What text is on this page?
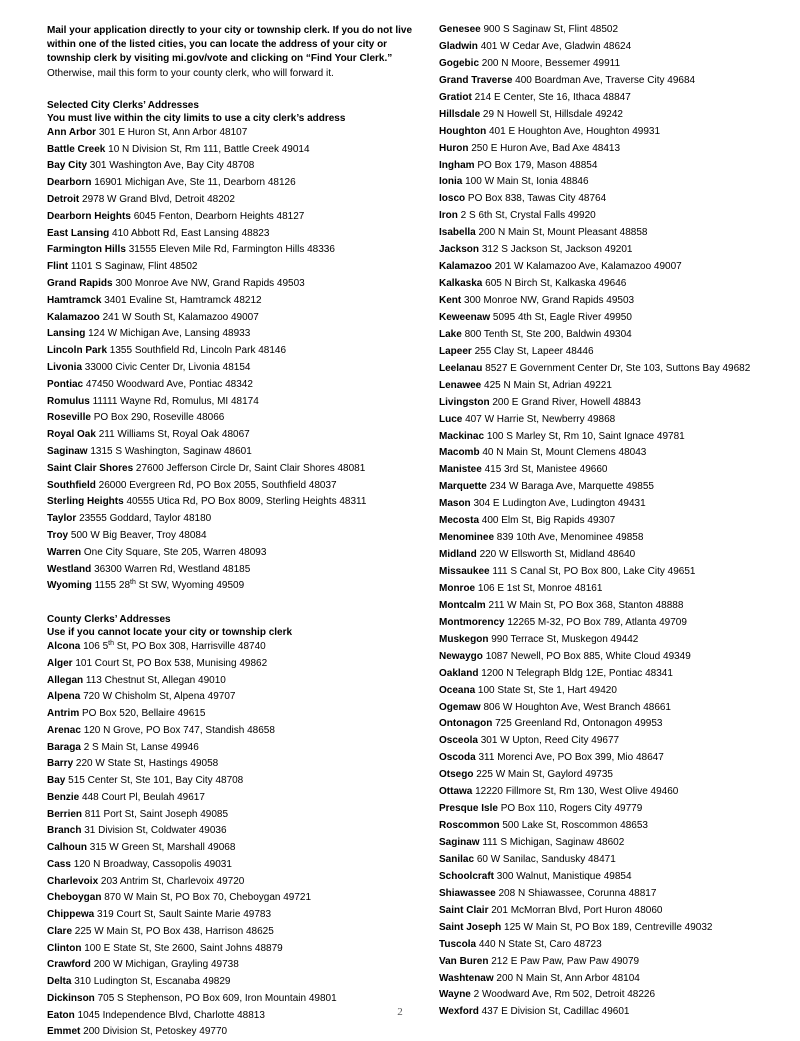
Mail your application directly to your city or township clerk. If you do not live within one of the listed cities, you can locate the address of your city or township clerk by visiting mi.gov/vote and clicking on “Find Your Clerk.”
Otherwise, mail this form to your county clerk, who will forward it.

Selected City Clerks’ Addresses

You must live within the city limits to use a city clerk’s address

Ann Arbor 301 E Huron St, Ann Arbor 48107
Battle Creek 10 N Division St, Rm 111, Battle Creek 49014
Bay City 301 Washington Ave, Bay City 48708
Dearborn 16901 Michigan Ave, Ste 11, Dearborn 48126
Detroit 2978 W Grand Blvd, Detroit 48202
Dearborn Heights 6045 Fenton, Dearborn Heights 48127
East Lansing 410 Abbott Rd, East Lansing 48823
Farmington Hills 31555 Eleven Mile Rd, Farmington Hills 48336
Flint 1101 S Saginaw, Flint 48502
Grand Rapids 300 Monroe Ave NW, Grand Rapids 49503
Hamtramck 3401 Evaline St, Hamtramck 48212
Kalamazoo 241 W South St, Kalamazoo 49007
Lansing 124 W Michigan Ave, Lansing 48933
Lincoln Park 1355 Southfield Rd, Lincoln Park 48146
Livonia 33000 Civic Center Dr, Livonia 48154
Pontiac 47450 Woodward Ave, Pontiac 48342
Romulus 11111 Wayne Rd, Romulus, MI 48174
Roseville PO Box 290, Roseville 48066
Royal Oak 211 Williams St, Royal Oak 48067
Saginaw 1315 S Washington, Saginaw 48601
Saint Clair Shores 27600 Jefferson Circle Dr, Saint Clair Shores 48081
Southfield 26000 Evergreen Rd, PO Box 2055, Southfield 48037
Sterling Heights 40555 Utica Rd, PO Box 8009, Sterling Heights 48311
Taylor 23555 Goddard, Taylor 48180
Troy 500 W Big Beaver, Troy 48084
Warren One City Square, Ste 205, Warren 48093
Westland 36300 Warren Rd, Westland 48185
Wyoming 1155 28th St SW, Wyoming 49509

County Clerks’ Addresses

Use if you cannot locate your city or township clerk

Alcona 106 5th St, PO Box 308, Harrisville 48740
Alger 101 Court St, PO Box 538, Munising 49862
Allegan 113 Chestnut St, Allegan 49010
Alpena 720 W Chisholm St, Alpena 49707
Antrim PO Box 520, Bellaire 49615
Arenac 120 N Grove, PO Box 747, Standish 48658
Baraga 2 S Main St, Lanse 49946
Barry 220 W State St, Hastings 49058
Bay 515 Center St, Ste 101, Bay City 48708
Benzie 448 Court Pl, Beulah 49617
Berrien 811 Port St, Saint Joseph 49085
Branch 31 Division St, Coldwater 49036
Calhoun 315 W Green St, Marshall 49068
Cass 120 N Broadway, Cassopolis 49031
Charlevoix 203 Antrim St, Charlevoix 49720
Cheboygan 870 W Main St, PO Box 70, Cheboygan 49721
Chippewa 319 Court St, Sault Sainte Marie 49783
Clare 225 W Main St, PO Box 438, Harrison 48625
Clinton 100 E State St, Ste 2600, Saint Johns 48879
Crawford 200 W Michigan, Grayling 49738
Delta 310 Ludington St, Escanaba 49829
Dickinson 705 S Stephenson, PO Box 609, Iron Mountain 49801
Eaton 1045 Independence Blvd, Charlotte 48813
Emmet 200 Division St, Petoskey 49770
Genesee 900 S Saginaw St, Flint 48502
Gladwin 401 W Cedar Ave, Gladwin 48624
Gogebic 200 N Moore, Bessemer 49911
Grand Traverse 400 Boardman Ave, Traverse City 49684
Gratiot 214 E Center, Ste 16, Ithaca 48847
Hillsdale 29 N Howell St, Hillsdale 49242
Houghton 401 E Houghton Ave, Houghton 49931
Huron 250 E Huron Ave, Bad Axe 48413
Ingham PO Box 179, Mason 48854
Ionia 100 W Main St, Ionia 48846
Iosco PO Box 838, Tawas City 48764
Iron 2 S 6th St, Crystal Falls 49920
Isabella 200 N Main St, Mount Pleasant 48858
Jackson 312 S Jackson St, Jackson 49201
Kalamazoo 201 W Kalamazoo Ave, Kalamazoo 49007
Kalkaska 605 N Birch St, Kalkaska 49646
Kent 300 Monroe NW, Grand Rapids 49503
Keweenaw 5095 4th St, Eagle River 49950
Lake 800 Tenth St, Ste 200, Baldwin 49304
Lapeer 255 Clay St, Lapeer 48446
Leelanau 8527 E Government Center Dr, Ste 103, Suttons Bay 49682
Lenawee 425 N Main St, Adrian 49221
Livingston 200 E Grand River, Howell 48843
Luce 407 W Harrie St, Newberry 49868
Mackinac 100 S Marley St, Rm 10, Saint Ignace 49781
Macomb 40 N Main St, Mount Clemens 48043
Manistee 415 3rd St, Manistee 49660
Marquette 234 W Baraga Ave, Marquette 49855
Mason 304 E Ludington Ave, Ludington 49431
Mecosta 400 Elm St, Big Rapids 49307
Menominee 839 10th Ave, Menominee 49858
Midland 220 W Ellsworth St, Midland 48640
Missaukee 111 S Canal St, PO Box 800, Lake City 49651
Monroe 106 E 1st St, Monroe 48161
Montcalm 211 W Main St, PO Box 368, Stanton 48888
Montmorency 12265 M-32, PO Box 789, Atlanta 49709
Muskegon 990 Terrace St, Muskegon 49442
Newaygo 1087 Newell, PO Box 885, White Cloud 49349
Oakland 1200 N Telegraph Bldg 12E, Pontiac 48341
Oceana 100 State St, Ste 1, Hart 49420
Ogemaw 806 W Houghton Ave, West Branch 48661
Ontonagon 725 Greenland Rd, Ontonagon 49953
Osceola 301 W Upton, Reed City 49677
Oscoda 311 Morenci Ave, PO Box 399, Mio 48647
Otsego 225 W Main St, Gaylord 49735
Ottawa 12220 Fillmore St, Rm 130, West Olive 49460
Presque Isle PO Box 110, Rogers City 49779
Roscommon 500 Lake St, Roscommon 48653
Saginaw 111 S Michigan, Saginaw 48602
Sanilac 60 W Sanilac, Sandusky 48471
Schoolcraft 300 Walnut, Manistique 49854
Shiawassee 208 N Shiawassee, Corunna 48817
Saint Clair 201 McMorran Blvd, Port Huron 48060
Saint Joseph 125 W Main St, PO Box 189, Centreville 49032
Tuscola 440 N State St, Caro 48723
Van Buren 212 E Paw Paw, Paw Paw 49079
Washtenaw 200 N Main St, Ann Arbor 48104
Wayne 2 Woodward Ave, Rm 502, Detroit 48226
Wexford 437 E Division St, Cadillac 49601
2
